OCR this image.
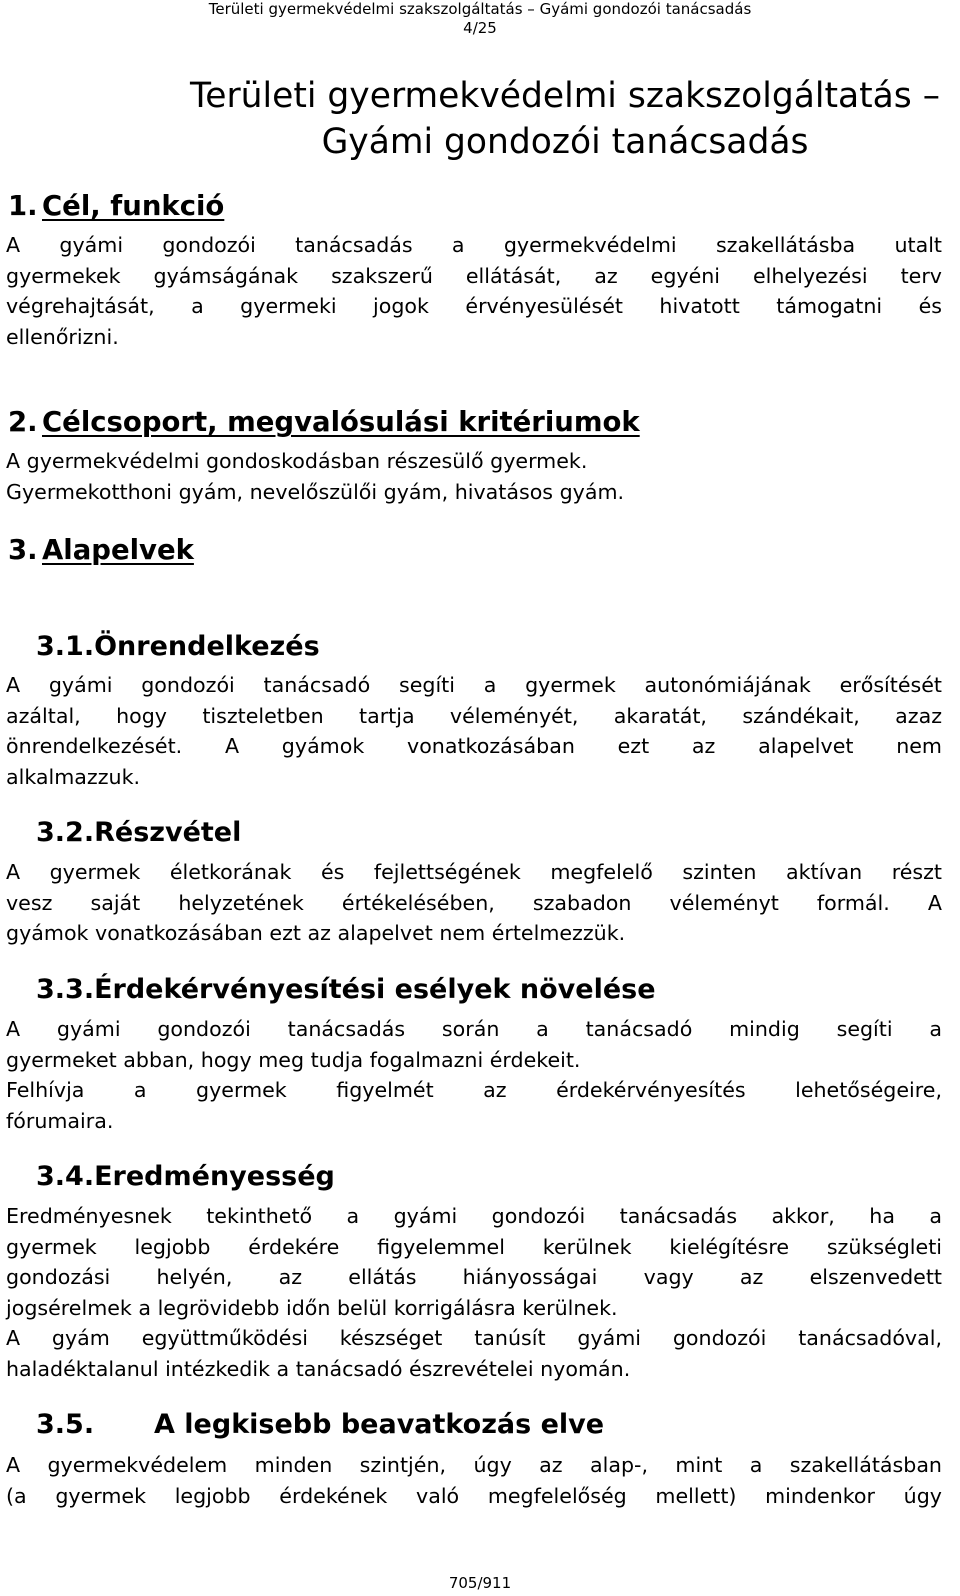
Területi gyermekvédelmi szakszolgáltatás – Gyámi gondozói tanácsadás
4/25
Területi gyermekvédelmi szakszolgáltatás –
Gyámi gondozói tanácsadás
1. Cél, funkció
A gyámi gondozói tanácsadás a gyermekvédelmi szakellátásba utalt
gyermekek gyámságának szakszerű ellátását, az egyéni elhelyezési terv
végrehajtását, a gyermeki jogok érvényesülését hivatott támogatni és
ellenőrizni.
2. Célcsoport, megvalósulási kritériumok
A gyermekvédelmi gondoskodásban részesülő gyermek.
Gyermekotthoni gyám, nevelőszülői gyám, hivatásos gyám.
3. Alapelvek
3.1.Önrendelkezés
A gyámi gondozói tanácsadó segíti a gyermek autonómiájának erősítését
azáltal, hogy tiszteletben tartja véleményét, akaratát, szándékait, azaz
önrendelkezését. A gyámok vonatkozásában ezt az alapelvet nem
alkalmazzuk.
3.2.Részvétel
A gyermek életkorának és fejlettségének megfelelő szinten aktívan részt
vesz saját helyzetének értékelésében, szabadon véleményt formál. A
gyámok vonatkozásában ezt az alapelvet nem értelmezzük.
3.3.Érdekérvényesítési esélyek növelése
A gyámi gondozói tanácsadás során a tanácsadó mindig segíti a
gyermeket abban, hogy meg tudja fogalmazni érdekeit.
Felhívja a gyermek figyelmét az érdekérvényesítés lehetőségeire,
fórumaira.
3.4.Eredményesség
Eredményesnek tekinthető a gyámi gondozói tanácsadás akkor, ha a
gyermek legjobb érdekére figyelemmel kerülnek kielégítésre szükségleti
gondozási helyén, az ellátás hiányosságai vagy az elszenvedett
jogsérelmek a legrövidebb időn belül korrigálásra kerülnek.
A gyám együttműködési készséget tanúsít gyámi gondozói tanácsadóval,
haladéktalanul intézkedik a tanácsadó észrevételei nyomán.
3.5. A legkisebb beavatkozás elve
A gyermekvédelem minden szintjén, úgy az alap-, mint a szakellátásban
(a gyermek legjobb érdekének való megfelelőség mellett) mindenkor úgy
705/911
